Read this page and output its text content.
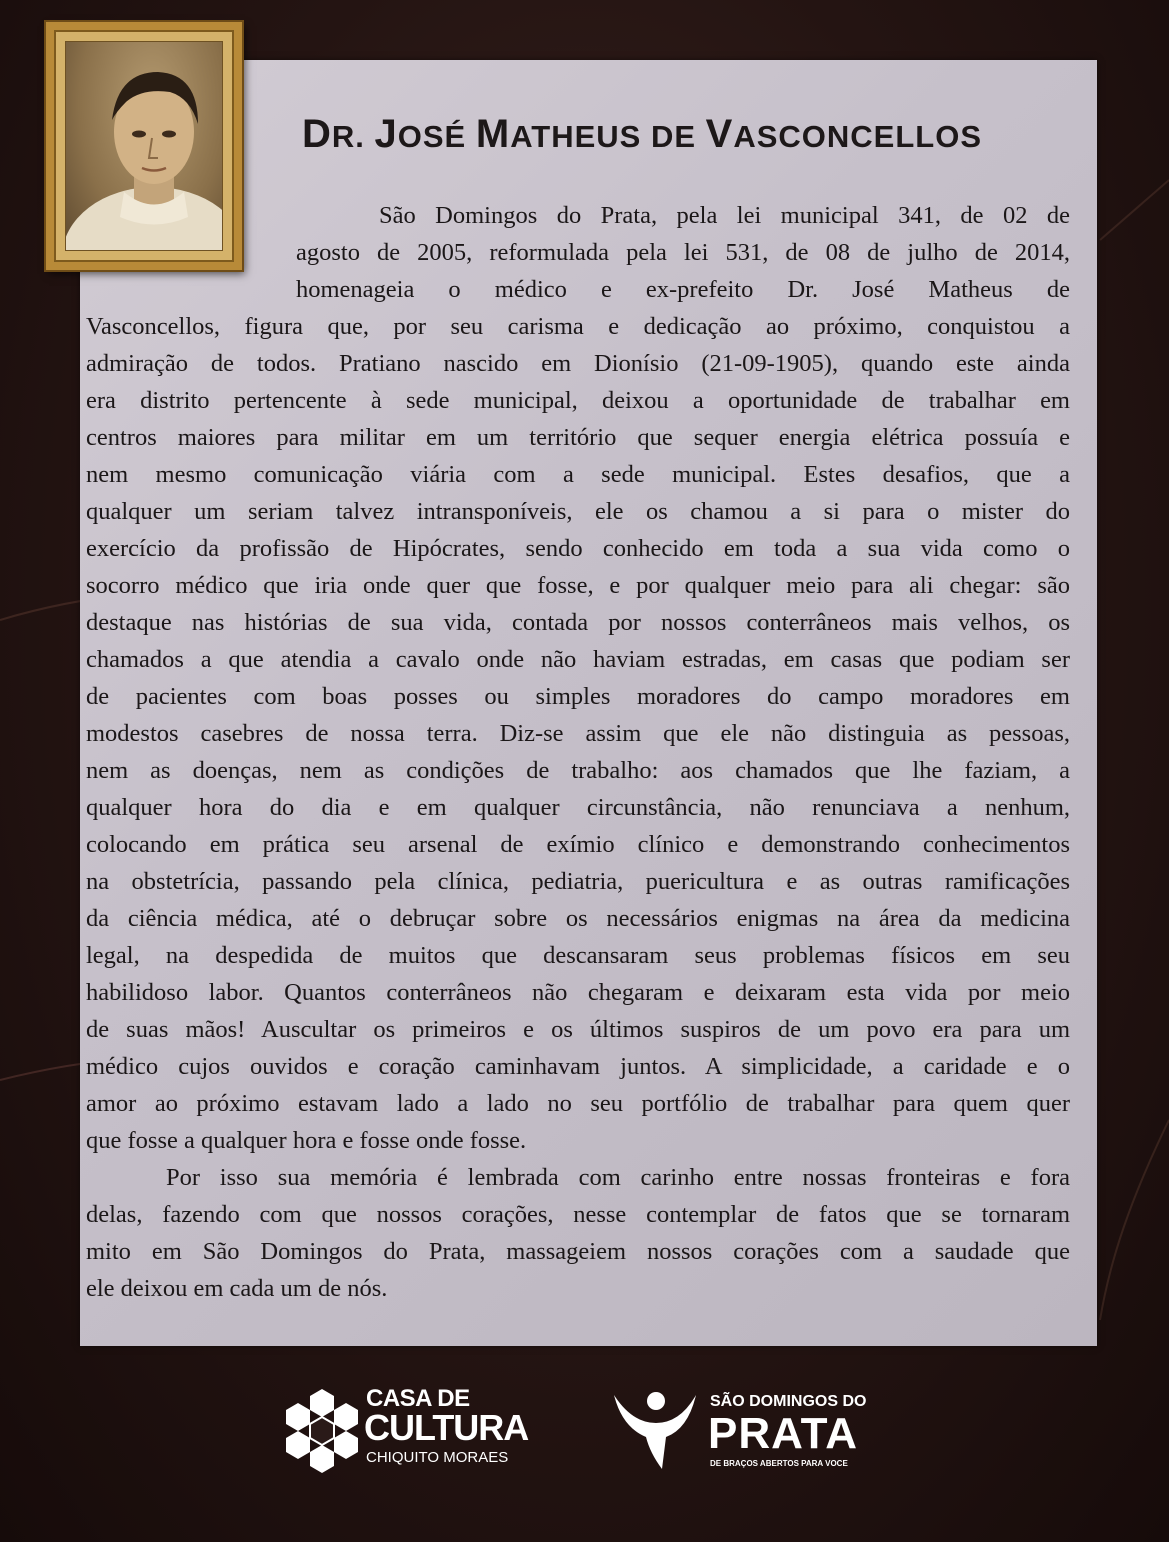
DR. JOSÉ MATHEUS DE VASCONCELLOS
São Domingos do Prata, pela lei municipal 341, de 02 de
agosto de 2005, reformulada pela lei 531, de 08 de julho de 2014,
homenageia o médico e ex-prefeito Dr. José Matheus de
Vasconcellos, figura que, por seu carisma e dedicação ao próximo, conquistou a
admiração de todos. Pratiano nascido em Dionísio (21-09-1905), quando este ainda
era distrito pertencente à sede municipal, deixou a oportunidade de trabalhar em
centros maiores para militar em um território que sequer energia elétrica possuía e
nem mesmo comunicação viária com a sede municipal. Estes desafios, que a
qualquer um seriam talvez intransponíveis, ele os chamou a si para o mister do
exercício da profissão de Hipócrates, sendo conhecido em toda a sua vida como o
socorro médico que iria onde quer que fosse, e por qualquer meio para ali chegar: são
destaque nas histórias de sua vida, contada por nossos conterrâneos mais velhos, os
chamados a que atendia a cavalo onde não haviam estradas, em casas que podiam ser
de pacientes com boas posses ou simples moradores do campo moradores em
modestos casebres de nossa terra. Diz-se assim que ele não distinguia as pessoas,
nem as doenças, nem as condições de trabalho: aos chamados que lhe faziam, a
qualquer hora do dia e em qualquer circunstância, não renunciava a nenhum,
colocando em prática seu arsenal de exímio clínico e demonstrando conhecimentos
na obstetrícia, passando pela clínica, pediatria, puericultura e as outras ramificações
da ciência médica, até o debruçar sobre os necessários enigmas na área da medicina
legal, na despedida de muitos que descansaram seus problemas físicos em seu
habilidoso labor. Quantos conterrâneos não chegaram e deixaram esta vida por meio
de suas mãos! Auscultar os primeiros e os últimos suspiros de um povo era para um
médico cujos ouvidos e coração caminhavam juntos. A simplicidade, a caridade e o
amor ao próximo estavam lado a lado no seu portfólio de trabalhar para quem quer
que fosse a qualquer hora e fosse onde fosse.
Por isso sua memória é lembrada com carinho entre nossas fronteiras e fora
delas, fazendo com que nossos corações, nesse contemplar de fatos que se tornaram
mito em São Domingos do Prata, massageiem nossos corações com a saudade que
ele deixou em cada um de nós.
CASA DE
CULTURA
CHIQUITO MORAES
SÃO DOMINGOS DO
PRATA
DE BRAÇOS ABERTOS PARA VOCE
